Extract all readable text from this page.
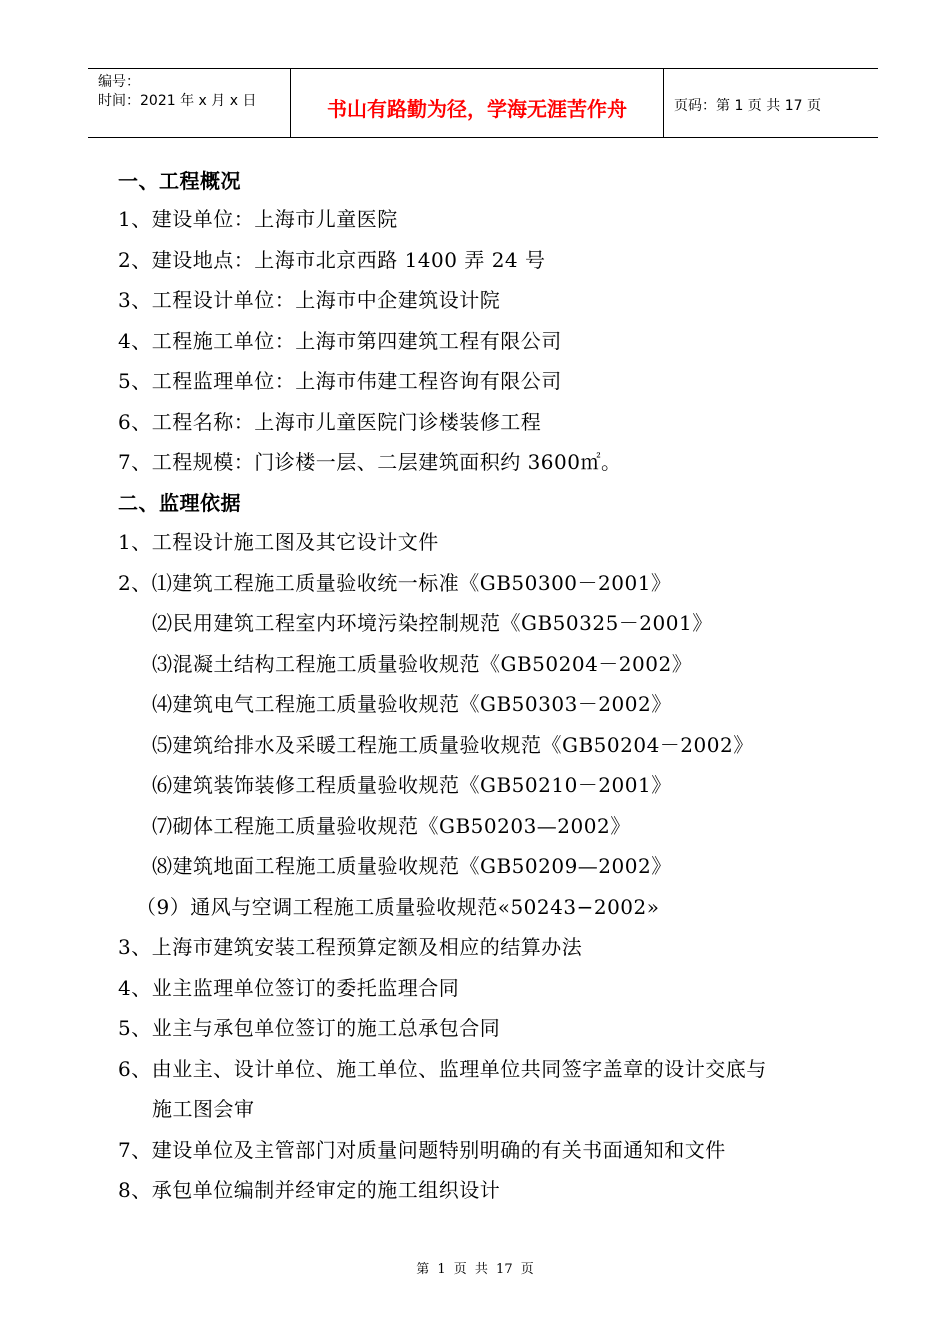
编号：
时间：2021 年 x 月 x 日	书山有路勤为径，学海无涯苦作舟	页码：第 1 页 共 17 页
一、工程概况
1、建设单位：上海市儿童医院
2、建设地点：上海市北京西路 1400 弄 24 号
3、工程设计单位：上海市中企建筑设计院
4、工程施工单位：上海市第四建筑工程有限公司
5、工程监理单位：上海市伟建工程咨询有限公司
6、工程名称：上海市儿童医院门诊楼装修工程
7、工程规模：门诊楼一层、二层建筑面积约 3600㎡。
二、监理依据
1、工程设计施工图及其它设计文件
2、⑴建筑工程施工质量验收统一标准《GB50300－2001》
⑵民用建筑工程室内环境污染控制规范《GB50325－2001》
⑶混凝土结构工程施工质量验收规范《GB50204－2002》
⑷建筑电气工程施工质量验收规范《GB50303－2002》
⑸建筑给排水及采暖工程施工质量验收规范《GB50204－2002》
⑹建筑装饰装修工程质量验收规范《GB50210－2001》
⑺砌体工程施工质量验收规范《GB50203—2002》
⑻建筑地面工程施工质量验收规范《GB50209—2002》
（9）通风与空调工程施工质量验收规范«50243−2002»
3、上海市建筑安装工程预算定额及相应的结算办法
4、业主监理单位签订的委托监理合同
5、业主与承包单位签订的施工总承包合同
6、由业主、设计单位、施工单位、监理单位共同签字盖章的设计交底与
施工图会审
7、建设单位及主管部门对质量问题特别明确的有关书面通知和文件
8、承包单位编制并经审定的施工组织设计
第 1 页 共 17 页
